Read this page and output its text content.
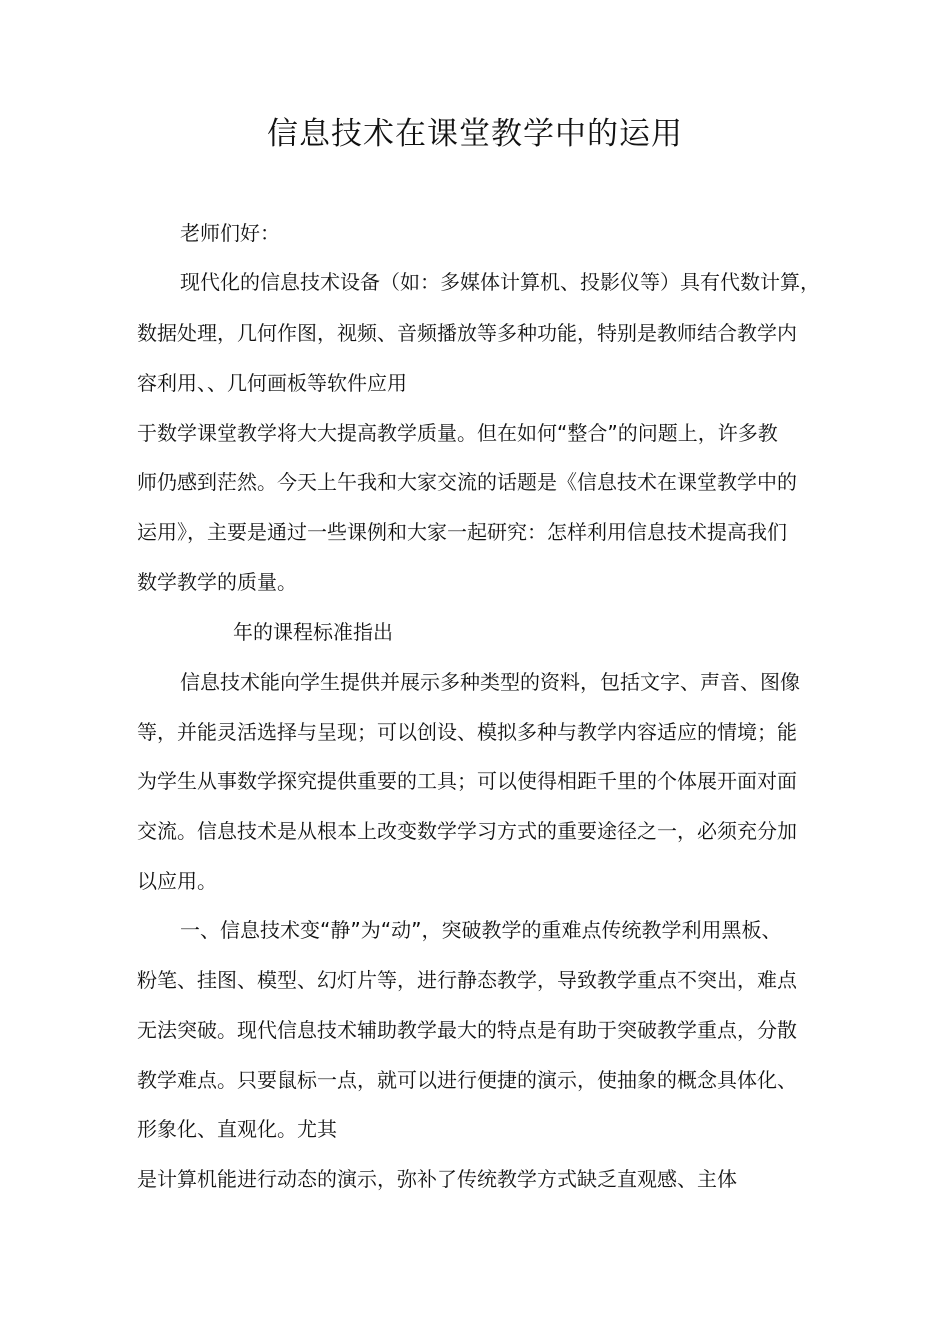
信息技术在课堂教学中的运用
老师们好：
现代化的信息技术设备（如：多媒体计算机、投影仪等）具有代数计算，
数据处理，几何作图，视频、音频播放等多种功能，特别是教师结合教学内
容利用、、几何画板等软件应用
于数学课堂教学将大大提高教学质量。但在如何“整合”的问题上，许多教
师仍感到茫然。今天上午我和大家交流的话题是《信息技术在课堂教学中的
运用》，主要是通过一些课例和大家一起研究：怎样利用信息技术提高我们
数学教学的质量。
年的课程标准指出
信息技术能向学生提供并展示多种类型的资料，包括文字、声音、图像
等，并能灵活选择与呈现；可以创设、模拟多种与教学内容适应的情境；能
为学生从事数学探究提供重要的工具；可以使得相距千里的个体展开面对面
交流。信息技术是从根本上改变数学学习方式的重要途径之一，必须充分加
以应用。
一、信息技术变“静”为“动”，突破教学的重难点传统教学利用黑板、
粉笔、挂图、模型、幻灯片等，进行静态教学，导致教学重点不突出，难点
无法突破。现代信息技术辅助教学最大的特点是有助于突破教学重点，分散
教学难点。只要鼠标一点，就可以进行便捷的演示，使抽象的概念具体化、
形象化、直观化。尤其
是计算机能进行动态的演示，弥补了传统教学方式缺乏直观感、主体
